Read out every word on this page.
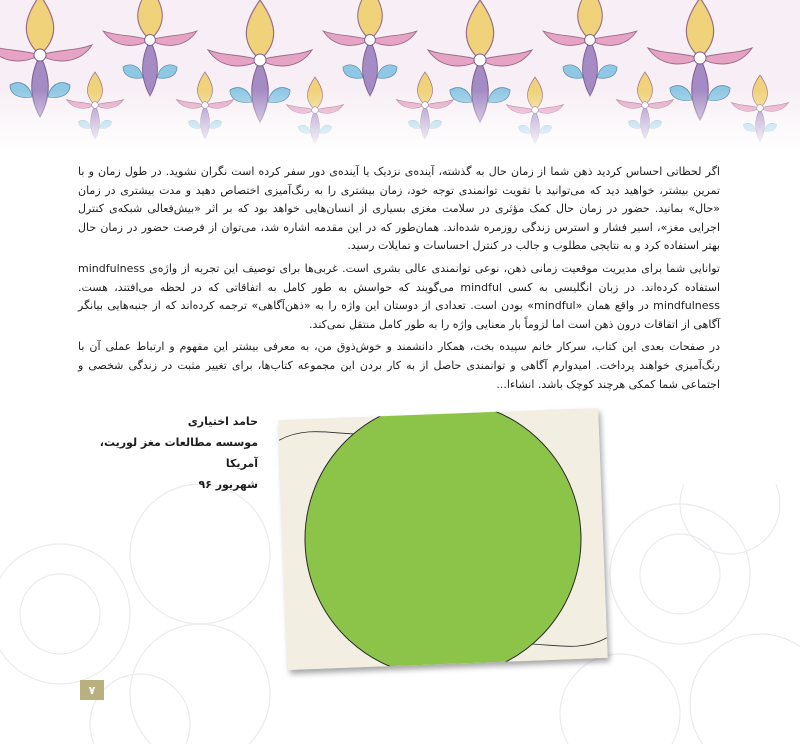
اگر لحظاتی احساس کردید ذهن شما از زمان حال به گذشته، آینده‌ی نزدیک یا آینده‌ی دور سفر کرده است نگران نشوید. در طول زمان و با تمرین بیشتر، خواهید دید که می‌توانید با تقویت توانمندی توجه خود، زمان بیشتری را به رنگ‌آمیزی اختصاص دهید و مدت بیشتری در زمان «حال» بمانید. حضور در زمان حال کمک مؤثری در سلامت مغزی بسیاری از انسان‌هایی خواهد بود که بر اثر «بیش‌فعالی شبکه‌ی کنترل اجرایی مغز»، اسیر فشار و استرس زندگی روزمره شده‌اند. همان‌طور که در این مقدمه اشاره شد، می‌توان از فرصت حضور در زمان حال بهتر استفاده کرد و به نتایجی مطلوب و جالب در کنترل احساسات و تمایلات رسید.

توانایی شما برای مدیریت موقعیت زمانی ذهن، نوعی توانمندی عالی بشری است. غربی‌ها برای توصیف این تجربه از واژه‌ی mindfulness استفاده کرده‌اند. در زبان انگلیسی به کسی mindful می‌گویند که حواسش به طور کامل به اتفاقاتی که در لحظه می‌افتند، هست. mindfulness در واقع همان «mindful» بودن است. تعدادی از دوستان این واژه را به «ذهن‌آگاهی» ترجمه کرده‌اند که از جنبه‌هایی بیانگر آگاهی از اتفاقات درون ذهن است اما لزوماً بار معنایی واژه را به طور کامل منتقل نمی‌کند.

در صفحات بعدی این کتاب، سرکار خانم سپیده بخت، همکار دانشمند و خوش‌ذوق من، به معرفی بیشتر این مفهوم و ارتباط عملی آن با رنگ‌آمیزی خواهند پرداخت. امیدوارم آگاهی و توانمندی حاصل از به کار بردن این مجموعه کتاب‌ها، برای تغییر مثبت در زندگی شخصی و اجتماعی شما کمکی هرچند کوچک باشد. انشاءا...

حامد اختیاری
موسسه مطالعات مغز لوریت، آمریکا
شهریور ۹۶
۷
